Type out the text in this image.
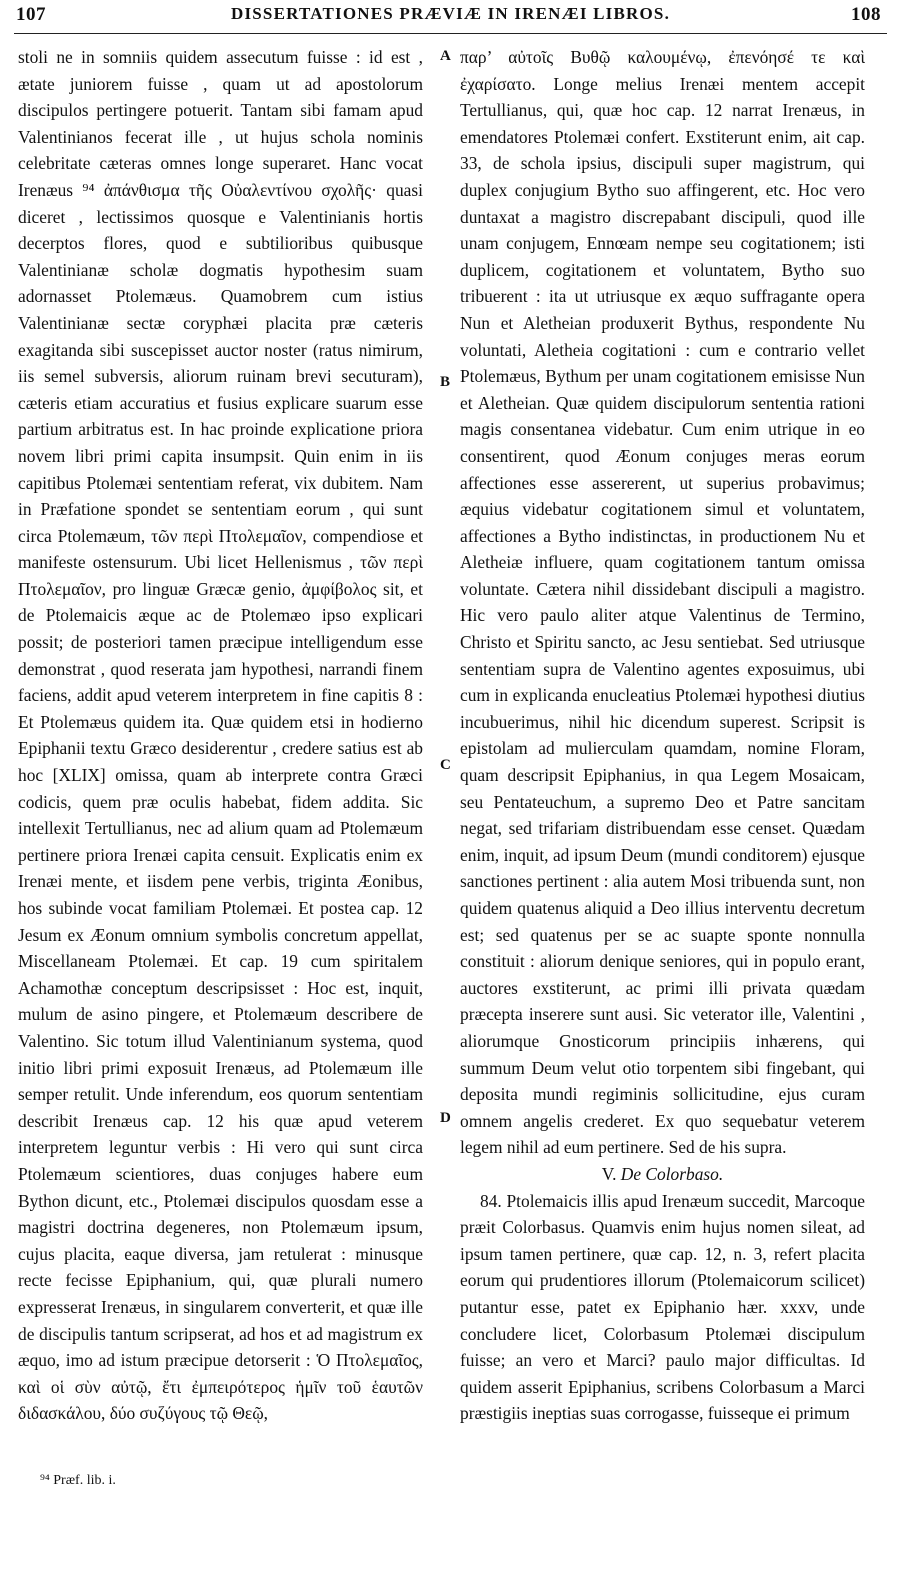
107	DISSERTATIONES PRÆVIÆ IN IRENÆI LIBROS.	108

stoli ne in somniis quidem assecutum fuisse : id est , ætate juniorem fuisse , quam ut ad apostolorum discipulos pertingere potuerit. Tantam sibi famam apud Valentinianos fecerat ille , ut hujus schola nominis celebritate cæteras omnes longe superaret. Hanc vocat Irenæus ⁹⁴ ἀπάνθισμα τῆς Οὐαλεντίνου σχολῆς· quasi diceret , lectissimos quosque e Valentinianis hortis decerptos flores, quod e subtilioribus quibusque Valentinianæ scholæ dogmatis hypothesim suam adornasset Ptolemæus. Quamobrem cum istius Valentinianæ sectæ coryphæi placita præ cæteris exagitanda sibi suscepisset auctor noster (ratus nimirum, iis semel subversis, aliorum ruinam brevi secuturam), cæteris etiam accuratius et fusius explicare suarum esse partium arbitratus est. In hac proinde explicatione priora novem libri primi capita insumpsit. Quin enim in iis capitibus Ptolemæi sententiam referat, vix dubitem. Nam in Præfatione spondet se sententiam eorum , qui sunt circa Ptolemæum, τῶν περὶ Πτολεμαῖον, compendiose et manifeste ostensurum. Ubi licet Hellenismus , τῶν περὶ Πτολεμαῖον, pro linguæ Græcæ genio, ἀμφίβολος sit, et de Ptolemaicis æque ac de Ptolemæo ipso explicari possit; de posteriori tamen præcipue intelligendum esse demonstrat , quod reserata jam hypothesi, narrandi finem faciens, addit apud veterem interpretem in fine capitis 8 : Et Ptolemæus quidem ita. Quæ quidem etsi in hodierno Epiphanii textu Græco desiderentur , credere satius est ab hoc [XLIX] omissa, quam ab interprete contra Græci codicis, quem præ oculis habebat, fidem addita. Sic intellexit Tertullianus, nec ad alium quam ad Ptolemæum pertinere priora Irenæi capita censuit. Explicatis enim ex Irenæi mente, et iisdem pene verbis, triginta Æonibus, hos subinde vocat familiam Ptolemæi. Et postea cap. 12 Jesum ex Æonum omnium symbolis concretum appellat, Miscellaneam Ptolemæi. Et cap. 19 cum spiritalem Achamothæ conceptum descripsisset : Hoc est, inquit, mulum de asino pingere, et Ptolemæum describere de Valentino. Sic totum illud Valentinianum systema, quod initio libri primi exposuit Irenæus, ad Ptolemæum ille semper retulit. Unde inferendum, eos quorum sententiam describit Irenæus cap. 12 his quæ apud veterem interpretem leguntur verbis : Hi vero qui sunt circa Ptolemæum scientiores, duas conjuges habere eum Bython dicunt, etc., Ptolemæi discipulos quosdam esse a magistri doctrina degeneres, non Ptolemæum ipsum, cujus placita, eaque diversa, jam retulerat : minusque recte fecisse Epiphanium, qui, quæ plurali numero expresserat Irenæus, in singularem converterit, et quæ ille de discipulis tantum scripserat, ad hos et ad magistrum ex æquo, imo ad istum præcipue detorserit : Ὁ Πτολεμαῖος, καὶ οἱ σὺν αὐτῷ, ἔτι ἐμπειρότερος ἡμῖν τοῦ ἑαυτῶν διδασκάλου, δύο συζύγους τῷ Θεῷ,

A
B
C
D

παρ’ αὐτοῖς Βυθῷ καλουμένῳ, ἐπενόησέ τε καὶ ἐχαρίσατο. Longe melius Irenæi mentem accepit Tertullianus, qui, quæ hoc cap. 12 narrat Irenæus, in emendatores Ptolemæi confert. Exstiterunt enim, ait cap. 33, de schola ipsius, discipuli super magistrum, qui duplex conjugium Bytho suo affingerent, etc. Hoc vero duntaxat a magistro discrepabant discipuli, quod ille unam conjugem, Ennœam nempe seu cogitationem; isti duplicem, cogitationem et voluntatem, Bytho suo tribuerent : ita ut utriusque ex æquo suffragante opera Nun et Aletheian produxerit Bythus, respondente Nu voluntati, Aletheia cogitationi : cum e contrario vellet Ptolemæus, Bythum per unam cogitationem emisisse Nun et Aletheian. Quæ quidem discipulorum sententia rationi magis consentanea videbatur. Cum enim utrique in eo consentirent, quod Æonum conjuges meras eorum affectiones esse assererent, ut superius probavimus; æquius videbatur cogitationem simul et voluntatem, affectiones a Bytho indistinctas, in productionem Nu et Aletheiæ influere, quam cogitationem tantum omissa voluntate. Cætera nihil dissidebant discipuli a magistro. Hic vero paulo aliter atque Valentinus de Termino, Christo et Spiritu sancto, ac Jesu sentiebat. Sed utriusque sententiam supra de Valentino agentes exposuimus, ubi cum in explicanda enucleatius Ptolemæi hypothesi diutius incubuerimus, nihil hic dicendum superest. Scripsit is epistolam ad mulierculam quamdam, nomine Floram, quam descripsit Epiphanius, in qua Legem Mosaicam, seu Pentateuchum, a supremo Deo et Patre sancitam negat, sed trifariam distribuendam esse censet. Quædam enim, inquit, ad ipsum Deum (mundi conditorem) ejusque sanctiones pertinent : alia autem Mosi tribuenda sunt, non quidem quatenus aliquid a Deo illius interventu decretum est; sed quatenus per se ac suapte sponte nonnulla constituit : aliorum denique seniores, qui in populo erant, auctores exstiterunt, ac primi illi privata quædam præcepta inserere sunt ausi. Sic veterator ille, Valentini , aliorumque Gnosticorum principiis inhærens, qui summum Deum velut otio torpentem sibi fingebant, qui deposita mundi regiminis sollicitudine, ejus curam omnem angelis crederet. Ex quo sequebatur veterem legem nihil ad eum pertinere. Sed de his supra.

V. De Colorbaso.

84. Ptolemaicis illis apud Irenæum succedit, Marcoque præit Colorbasus. Quamvis enim hujus nomen sileat, ad ipsum tamen pertinere, quæ cap. 12, n. 3, refert placita eorum qui prudentiores illorum (Ptolemaicorum scilicet) putantur esse, patet ex Epiphanio hær. xxxv, unde concludere licet, Colorbasum Ptolemæi discipulum fuisse; an vero et Marci? paulo major difficultas. Id quidem asserit Epiphanius, scribens Colorbasum a Marci præstigiis ineptias suas corrogasse, fuisseque ei primum

⁹⁴ Præf. lib. i.
